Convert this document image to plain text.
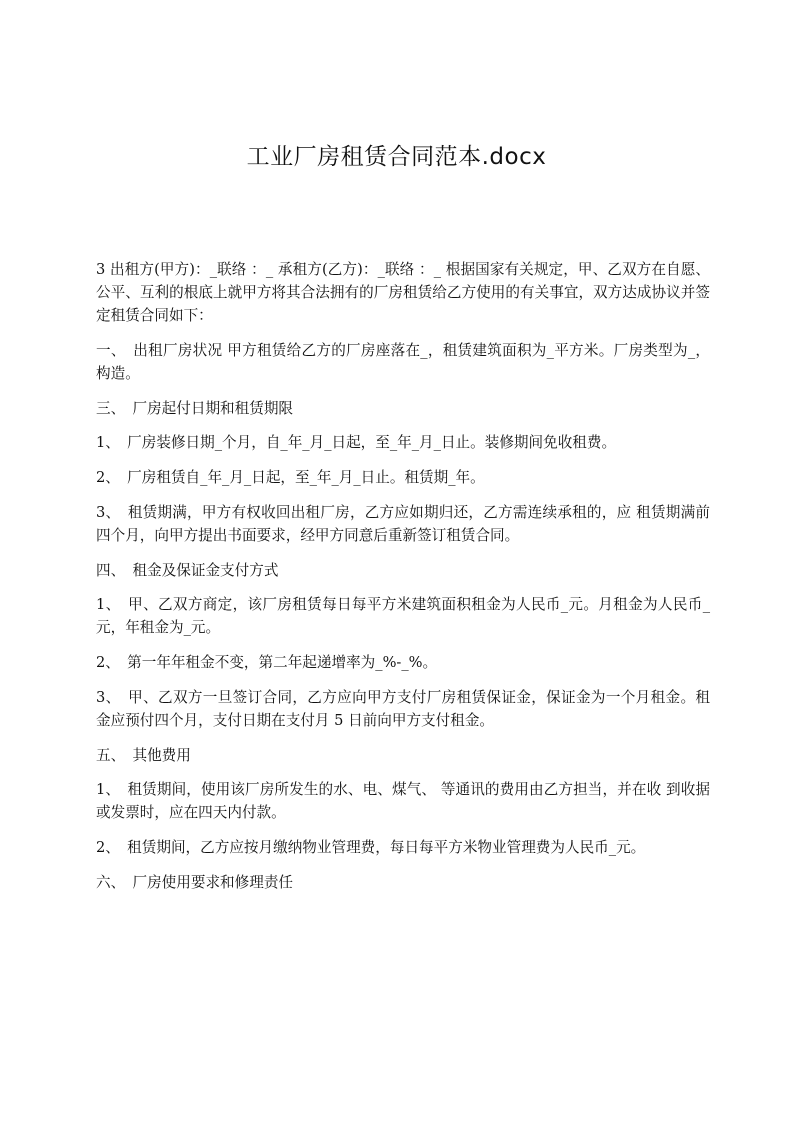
工业厂房租赁合同范本.docx

3 出租方(甲方)：_联络 ：_ 承租方(乙方)：_联络 ：_ 根据国家有关规定，甲、乙双方在自愿、公平、互利的根底上就甲方将其合法拥有的厂房租赁给乙方使用的有关事宜，双方达成协议并签定租赁合同如下：

一、　出租厂房状况 甲方租赁给乙方的厂房座落在_，租赁建筑面积为_平方米。厂房类型为_，构造。

三、　厂房起付日期和租赁期限

1、　厂房装修日期_个月，自_年_月_日起，至_年_月_日止。装修期间免收租费。

2、　厂房租赁自_年_月_日起，至_年_月_日止。租赁期_年。

3、　租赁期满，甲方有权收回出租厂房，乙方应如期归还，乙方需连续承租的，应 租赁期满前四个月，向甲方提出书面要求，经甲方同意后重新签订租赁合同。

四、　租金及保证金支付方式

1、　甲、乙双方商定，该厂房租赁每日每平方米建筑面积租金为人民币_元。月租金为人民币_元，年租金为_元。

2、　第一年年租金不变，第二年起递增率为_%-_%。

3、　甲、乙双方一旦签订合同，乙方应向甲方支付厂房租赁保证金，保证金为一个月租金。租金应预付四个月，支付日期在支付月 5 日前向甲方支付租金。

五、　其他费用

1、　租赁期间，使用该厂房所发生的水、电、煤气、 等通讯的费用由乙方担当，并在收 到收据或发票时，应在四天内付款。

2、　租赁期间，乙方应按月缴纳物业管理费，每日每平方米物业管理费为人民币_元。

六、　厂房使用要求和修理责任
